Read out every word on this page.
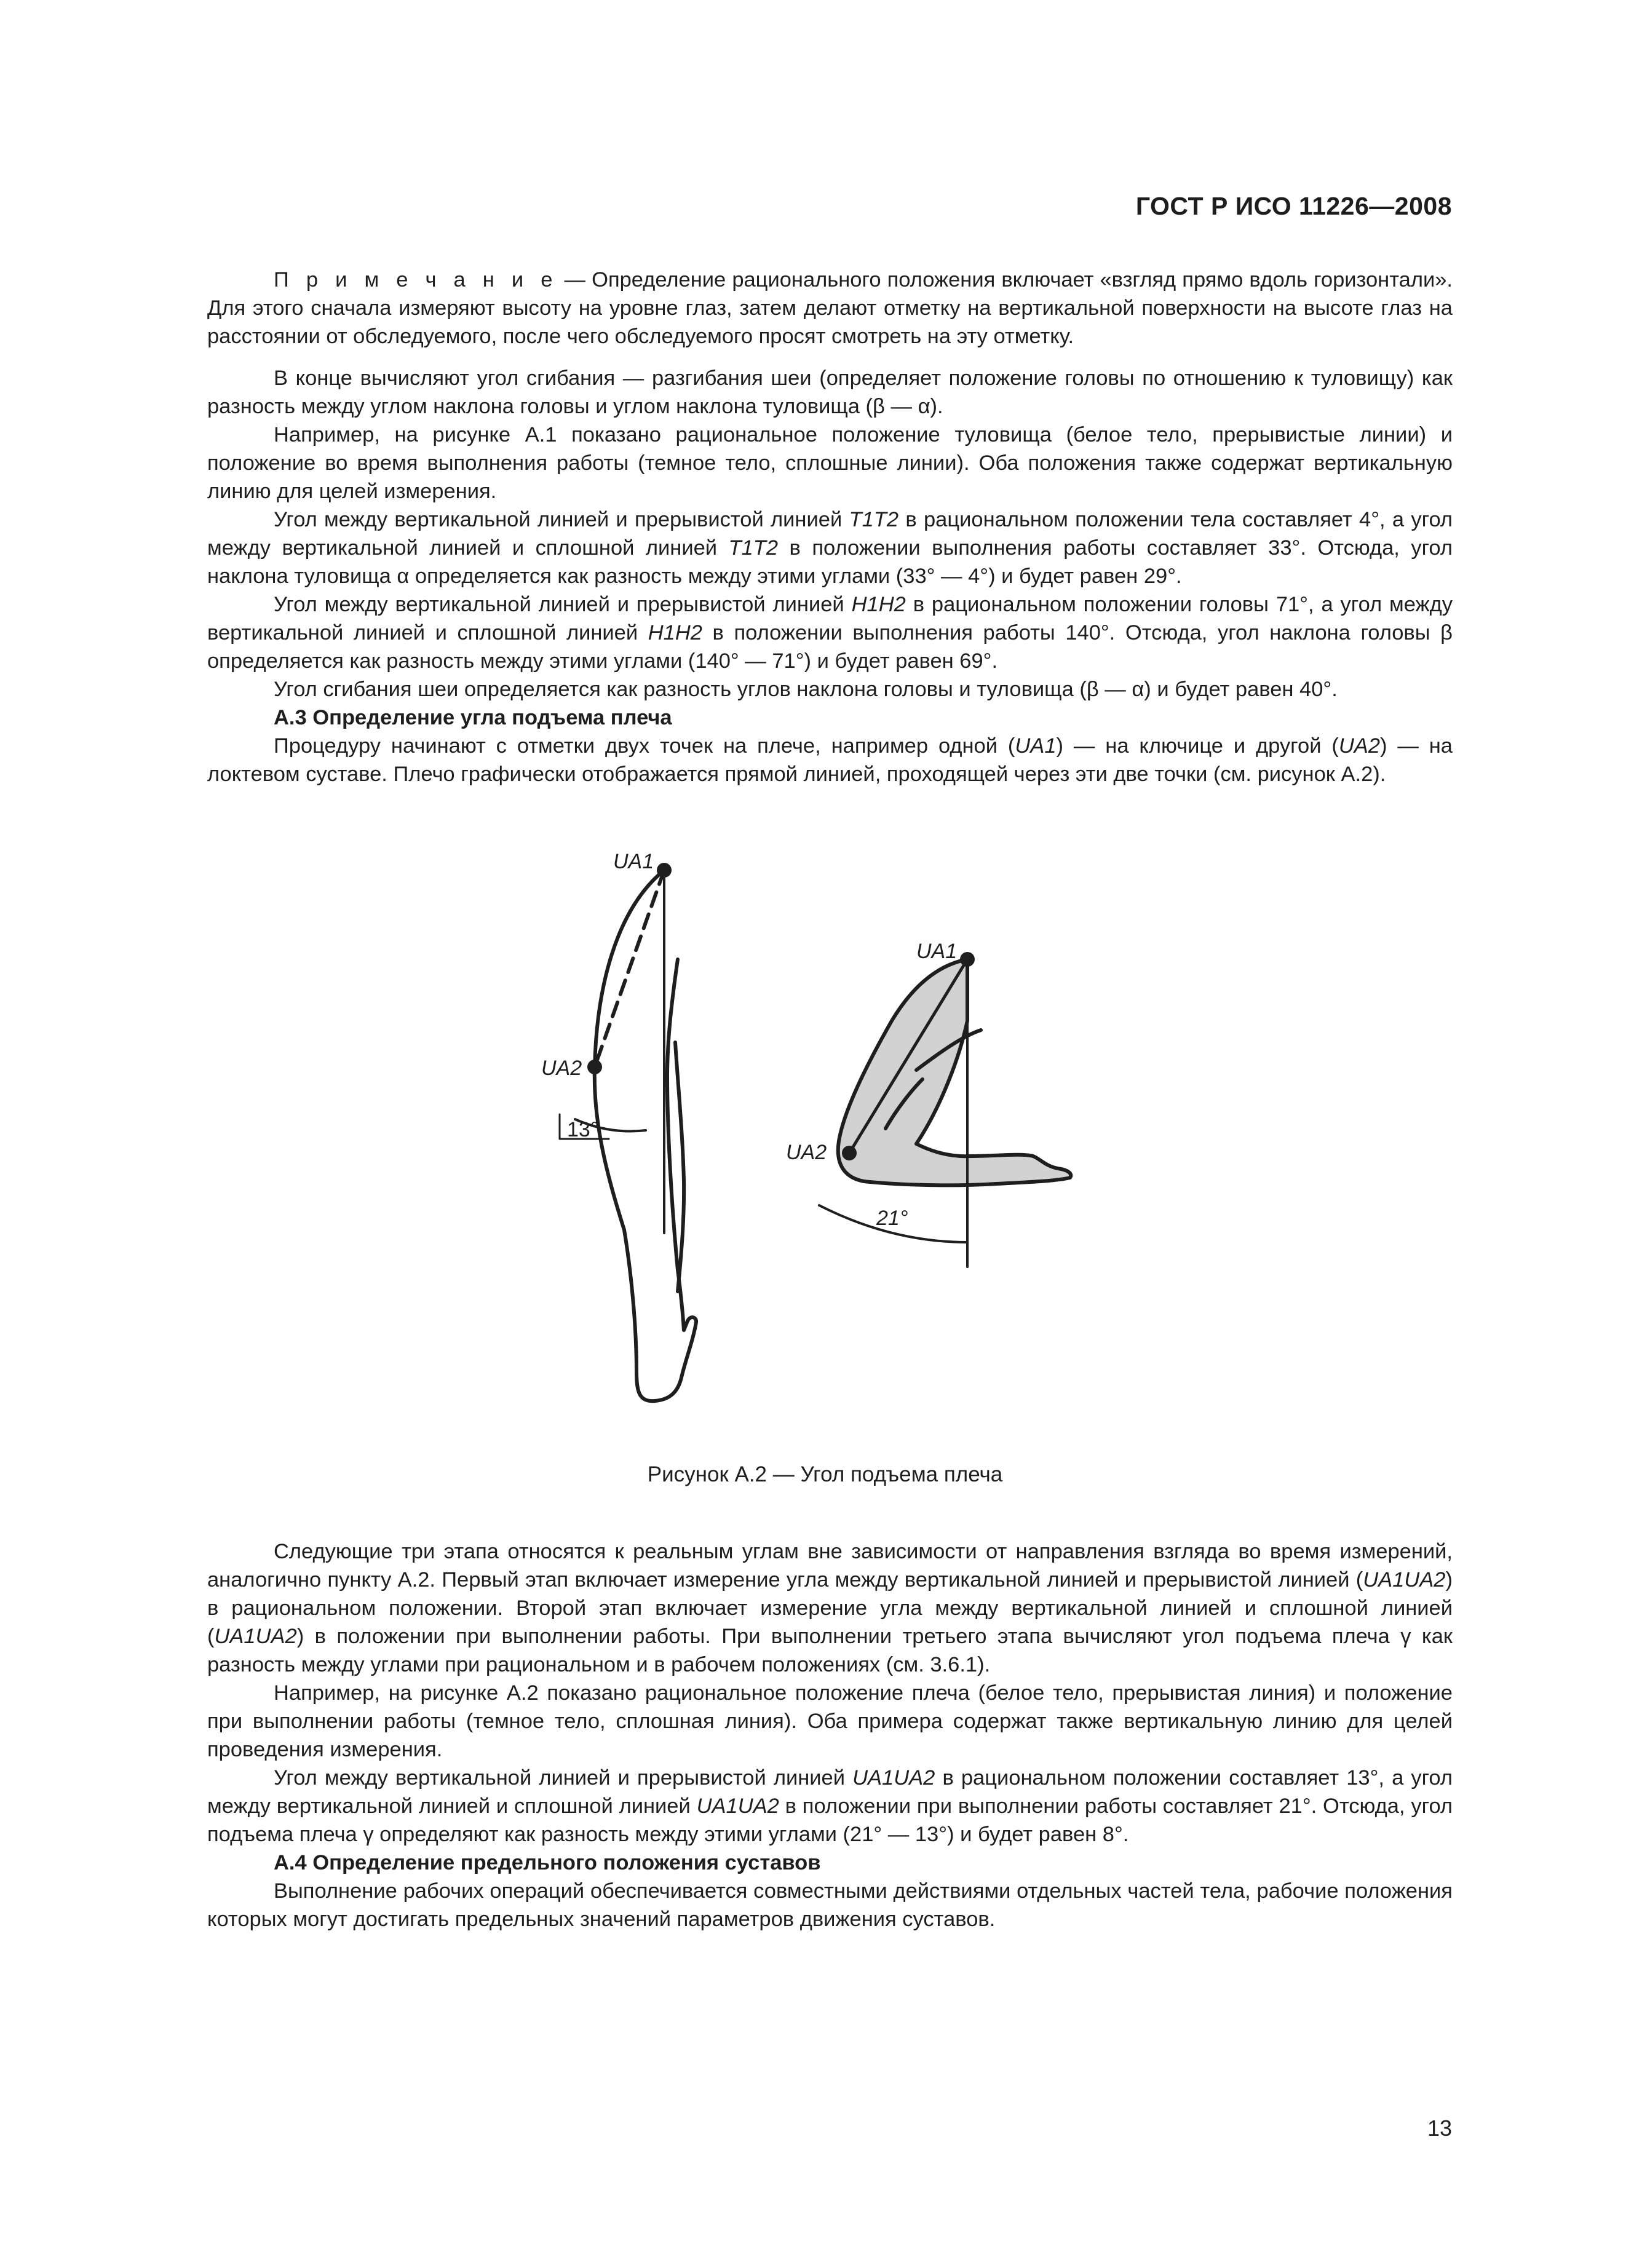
ГОСТ Р ИСО 11226—2008

П р и м е ч а н и е — Определение рационального положения включает «взгляд прямо вдоль горизонтали». Для этого сначала измеряют высоту на уровне глаз, затем делают отметку на вертикальной поверхности на высоте глаз на расстоянии от обследуемого, после чего обследуемого просят смотреть на эту отметку.

В конце вычисляют угол сгибания — разгибания шеи (определяет положение головы по отношению к туловищу) как разность между углом наклона головы и углом наклона туловища (β — α).

Например, на рисунке А.1 показано рациональное положение туловища (белое тело, прерывистые линии) и положение во время выполнения работы (темное тело, сплошные линии). Оба положения также содержат вертикальную линию для целей измерения.

Угол между вертикальной линией и прерывистой линией T1T2 в рациональном положении тела составляет 4°, а угол между вертикальной линией и сплошной линией T1T2 в положении выполнения работы составляет 33°. Отсюда, угол наклона туловища α определяется как разность между этими углами (33° — 4°) и будет равен 29°.

Угол между вертикальной линией и прерывистой линией H1H2 в рациональном положении головы 71°, а угол между вертикальной линией и сплошной линией H1H2 в положении выполнения работы 140°. Отсюда, угол наклона головы β определяется как разность между этими углами (140° — 71°) и будет равен 69°.

Угол сгибания шеи определяется как разность углов наклона головы и туловища (β — α) и будет равен 40°.

А.3 Определение угла подъема плеча

Процедуру начинают с отметки двух точек на плече, например одной (UA1) — на ключице и другой (UA2) — на локтевом суставе. Плечо графически отображается прямой линией, проходящей через эти две точки (см. рисунок А.2).

UA1
UA2
13°
UA1
UA2
21°
Рисунок А.2 — Угол подъема плеча

Следующие три этапа относятся к реальным углам вне зависимости от направления взгляда во время измерений, аналогично пункту А.2. Первый этап включает измерение угла между вертикальной линией и прерывистой линией (UA1UA2) в рациональном положении. Второй этап включает измерение угла между вертикальной линией и сплошной линией (UA1UA2) в положении при выполнении работы. При выполнении третьего этапа вычисляют угол подъема плеча γ как разность между углами при рациональном и в рабочем положениях (см. 3.6.1).

Например, на рисунке А.2 показано рациональное положение плеча (белое тело, прерывистая линия) и положение при выполнении работы (темное тело, сплошная линия). Оба примера содержат также вертикальную линию для целей проведения измерения.

Угол между вертикальной линией и прерывистой линией UA1UA2 в рациональном положении составляет 13°, а угол между вертикальной линией и сплошной линией UA1UA2 в положении при выполнении работы составляет 21°. Отсюда, угол подъема плеча γ определяют как разность между этими углами (21° — 13°) и будет равен 8°.

А.4 Определение предельного положения суставов

Выполнение рабочих операций обеспечивается совместными действиями отдельных частей тела, рабочие положения которых могут достигать предельных значений параметров движения суставов.

13
